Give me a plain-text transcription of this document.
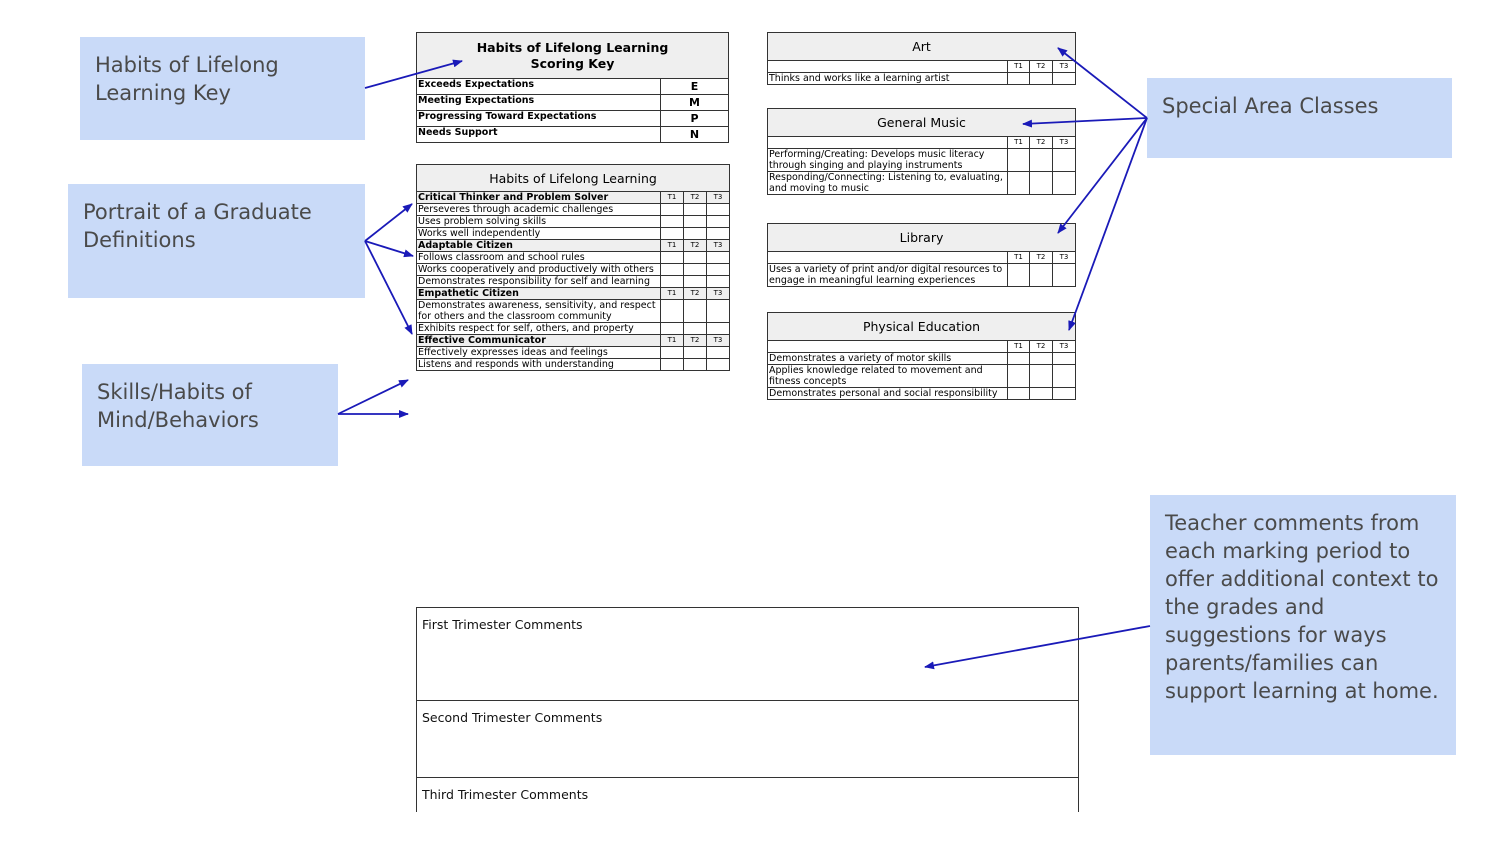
Habits of Lifelong Learning Key
Portrait of a Graduate Definitions
Skills/Habits of Mind/Behaviors
Special Area Classes
Teacher comments from each marking period to offer additional context to the grades and suggestions for ways parents/families can support learning at home.
Habits of Lifelong Learning Scoring Key	
Exceeds Expectations	E
Meeting Expectations	M
Progressing Toward Expectations	P
Needs Support	N
Habits of Lifelong Learning			
Critical Thinker and Problem Solver	T1	T2	T3
Perseveres through academic challenges			
Uses problem solving skills			
Works well independently			
Adaptable Citizen	T1	T2	T3
Follows classroom and school rules			
Works cooperatively and productively with others			
Demonstrates responsibility for self and learning			
Empathetic Citizen	T1	T2	T3
Demonstrates awareness, sensitivity, and respect for others and the classroom community			
Exhibits respect for self, others, and property			
Effective Communicator	T1	T2	T3
Effectively expresses ideas and feelings			
Listens and responds with understanding			
Art			
	T1	T2	T3
Thinks and works like a learning artist			
General Music			
	T1	T2	T3
Performing/Creating: Develops music literacy through singing and playing instruments			
Responding/Connecting: Listening to, evaluating, and moving to music			
Library			
	T1	T2	T3
Uses a variety of print and/or digital resources to engage in meaningful learning experiences			
Physical Education			
	T1	T2	T3
Demonstrates a variety of motor skills			
Applies knowledge related to movement and fitness concepts			
Demonstrates personal and social responsibility			
First Trimester Comments
Second Trimester Comments
Third Trimester Comments
